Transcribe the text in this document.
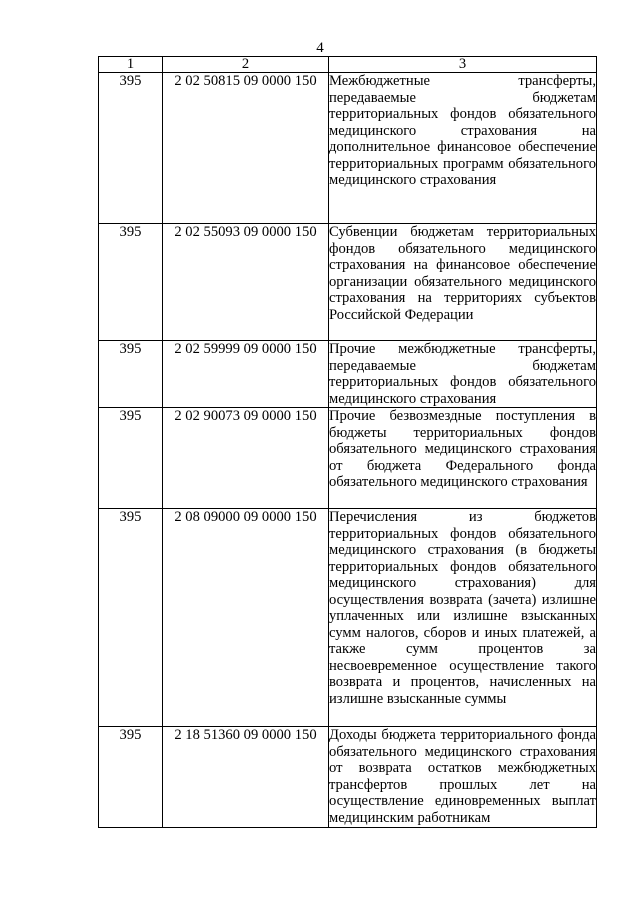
4
1	2	3
395	2 02 50815 09 0000 150	Межбюджетные трансферты, передаваемые бюджетам территориальных фондов обязательного медицинского страхования на дополнительное финансовое обеспечение территориальных программ обязательного медицинского страхования
395	2 02 55093 09 0000 150	Субвенции бюджетам территориальных фондов обязательного медицинского страхования на финансовое обеспечение организации обязательного медицинского страхования на территориях субъектов Российской Федерации
395	2 02 59999 09 0000 150	Прочие межбюджетные трансферты, передаваемые бюджетам территориальных фондов обязательного медицинского страхования
395	2 02 90073 09 0000 150	Прочие безвозмездные поступления в бюджеты территориальных фондов обязательного медицинского страхования от бюджета Федерального фонда обязательного медицинского страхования
395	2 08 09000 09 0000 150	Перечисления из бюджетов территориальных фондов обязательного медицинского страхования (в бюджеты территориальных фондов обязательного медицинского страхования) для осуществления возврата (зачета) излишне уплаченных или излишне взысканных сумм налогов, сборов и иных платежей, а также сумм процентов за несвоевременное осуществление такого возврата и процентов, начисленных на излишне взысканные суммы
395	2 18 51360 09 0000 150	Доходы бюджета территориального фонда обязательного медицинского страхования от возврата остатков межбюджетных трансфертов прошлых лет на осуществление единовременных выплат медицинским работникам
